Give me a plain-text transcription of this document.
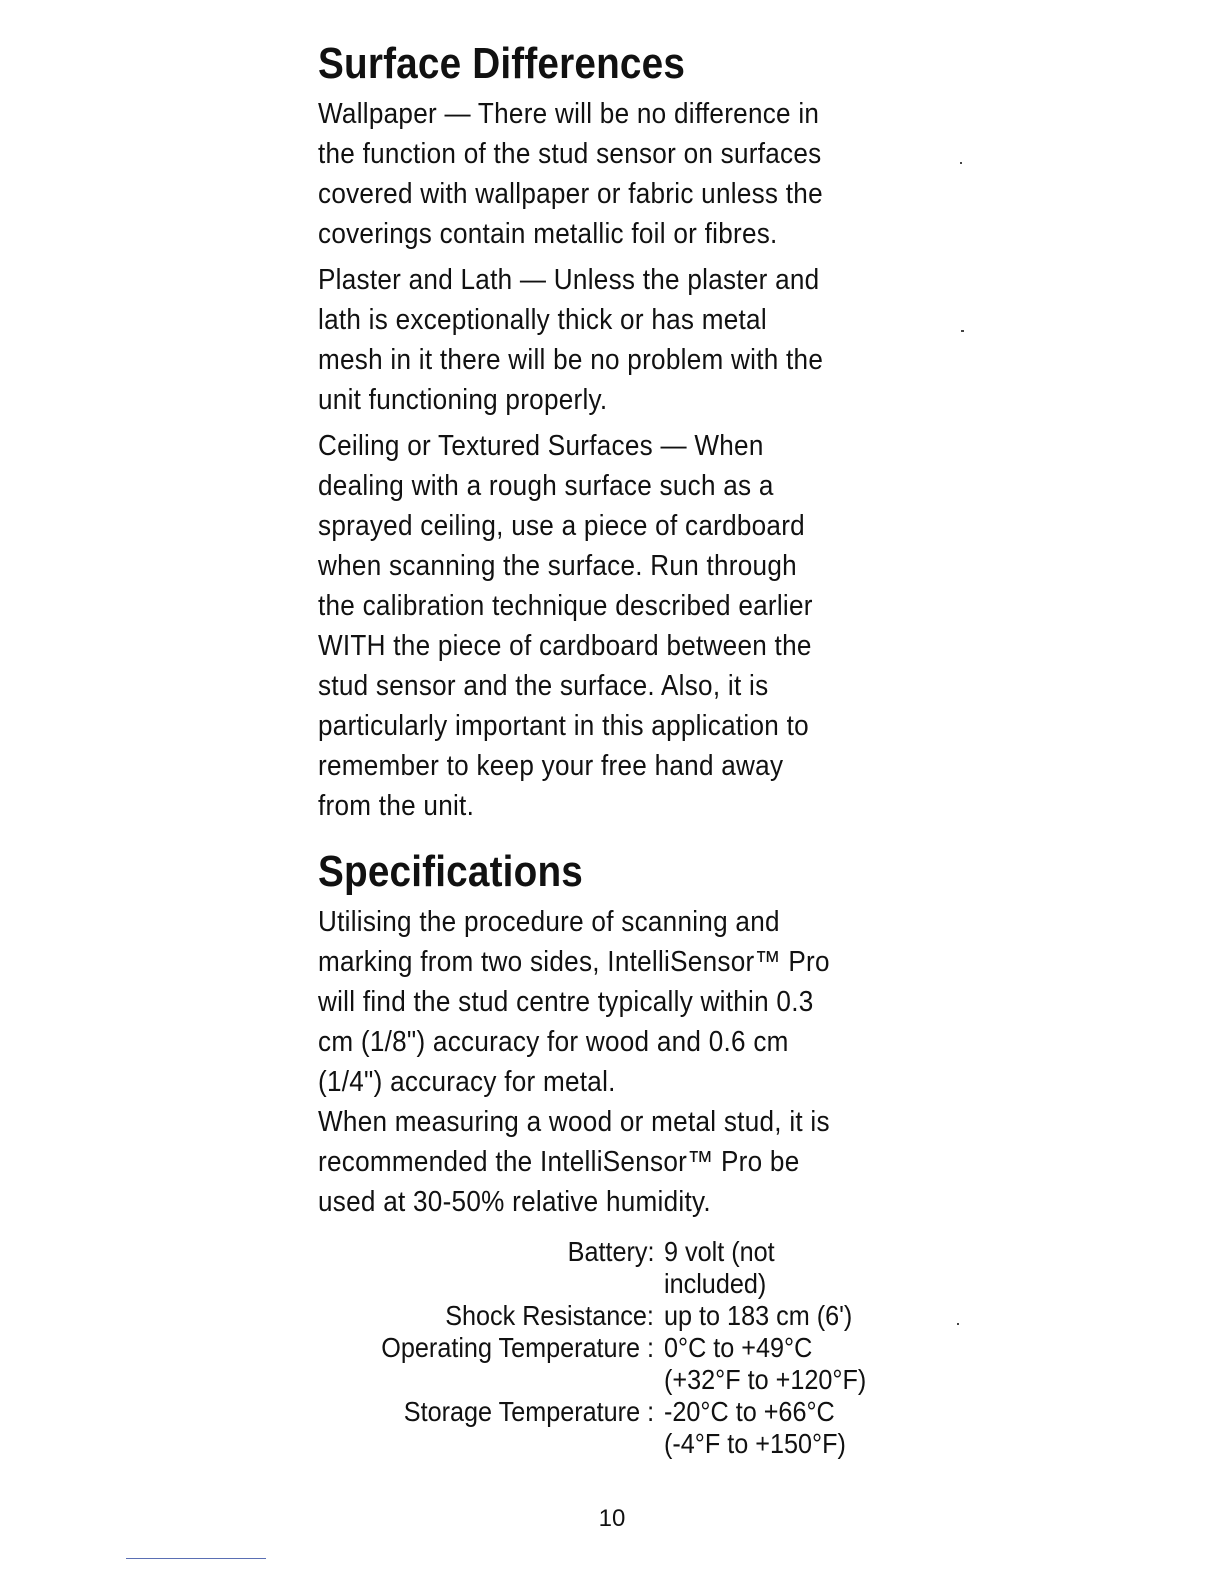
Surface Differences
Wallpaper — There will be no difference in
the function of the stud sensor on surfaces
covered with wallpaper or fabric unless the
coverings contain metallic foil or fibres.
Plaster and Lath — Unless the plaster and
lath is exceptionally thick or has metal
mesh in it there will be no problem with the
unit functioning properly.
Ceiling or Textured Surfaces — When
dealing with a rough surface such as a
sprayed ceiling, use a piece of cardboard
when scanning the surface. Run through
the calibration technique described earlier
WITH the piece of cardboard between the
stud sensor and the surface. Also, it is
particularly important in this application to
remember to keep your free hand away
from the unit.
Specifications
Utilising the procedure of scanning and
marking from two sides, IntelliSensor™ Pro
will find the stud centre typically within 0.3
cm (1/8") accuracy for wood and 0.6 cm
(1/4") accuracy for metal.
When measuring a wood or metal stud, it is
recommended the IntelliSensor™ Pro be
used at 30-50% relative humidity.
Battery: 9 volt (not
included)
Shock Resistance: up to 183 cm (6')
Operating Temperature : 0°C to +49°C
(+32°F to +120°F)
Storage Temperature : -20°C to +66°C
(-4°F to +150°F)
10
